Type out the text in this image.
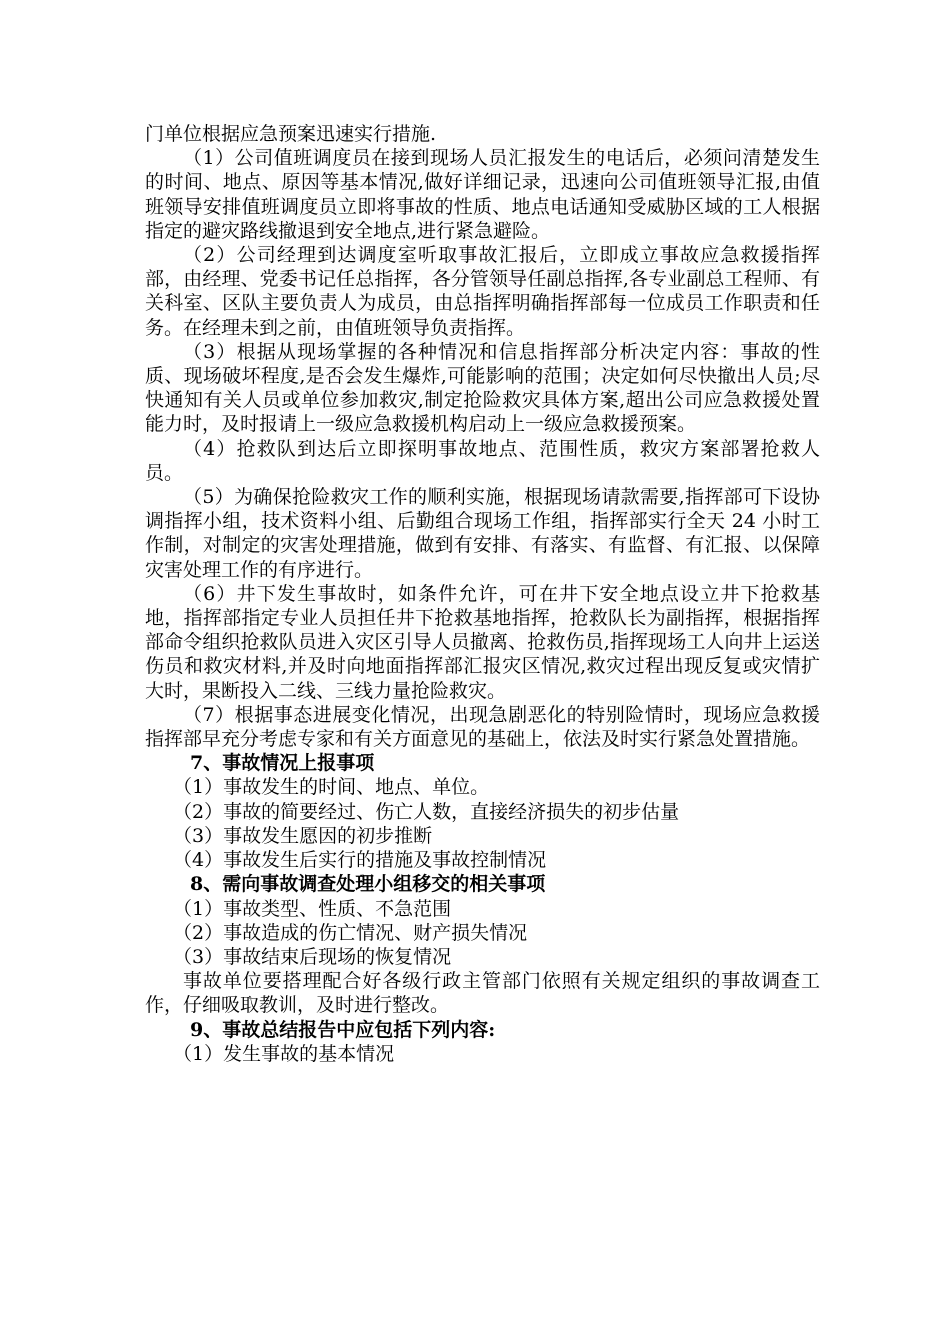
门单位根据应急预案迅速实行措施.

（1）公司值班调度员在接到现场人员汇报发生的电话后，必须问清楚发生的时间、地点、原因等基本情况,做好详细记录，迅速向公司值班领导汇报,由值班领导安排值班调度员立即将事故的性质、地点电话通知受威胁区域的工人根据指定的避灾路线撤退到安全地点,进行紧急避险。

（2）公司经理到达调度室听取事故汇报后，立即成立事故应急救援指挥部，由经理、党委书记任总指挥，各分管领导任副总指挥,各专业副总工程师、有关科室、区队主要负责人为成员，由总指挥明确指挥部每一位成员工作职责和任务。在经理未到之前，由值班领导负责指挥。

（3）根据从现场掌握的各种情况和信息指挥部分析决定内容：事故的性质、现场破坏程度,是否会发生爆炸,可能影响的范围；决定如何尽快撤出人员;尽快通知有关人员或单位参加救灾,制定抢险救灾具体方案,超出公司应急救援处置能力时，及时报请上一级应急救援机构启动上一级应急救援预案。

（4）抢救队到达后立即探明事故地点、范围性质，救灾方案部署抢救人员。

（5）为确保抢险救灾工作的顺利实施，根据现场请款需要,指挥部可下设协调指挥小组，技术资料小组、后勤组合现场工作组，指挥部实行全天 24 小时工作制，对制定的灾害处理措施，做到有安排、有落实、有监督、有汇报、以保障灾害处理工作的有序进行。

（6）井下发生事故时，如条件允许，可在井下安全地点设立井下抢救基地，指挥部指定专业人员担任井下抢救基地指挥，抢救队长为副指挥，根据指挥部命令组织抢救队员进入灾区引导人员撤离、抢救伤员,指挥现场工人向井上运送伤员和救灾材料,并及时向地面指挥部汇报灾区情况,救灾过程出现反复或灾情扩大时，果断投入二线、三线力量抢险救灾。

（7）根据事态进展变化情况，出现急剧恶化的特别险情时，现场应急救援指挥部早充分考虑专家和有关方面意见的基础上，依法及时实行紧急处置措施。

7、事故情况上报事项

（1）事故发生的时间、地点、单位。

（2）事故的简要经过、伤亡人数，直接经济损失的初步估量

（3）事故发生愿因的初步推断

（4）事故发生后实行的措施及事故控制情况

8、需向事故调查处理小组移交的相关事项

（1）事故类型、性质、不急范围

（2）事故造成的伤亡情况、财产损失情况

（3）事故结束后现场的恢复情况

事故单位要搭理配合好各级行政主管部门依照有关规定组织的事故调查工作，仔细吸取教训，及时进行整改。

9、事故总结报告中应包括下列内容:

（1）发生事故的基本情况
